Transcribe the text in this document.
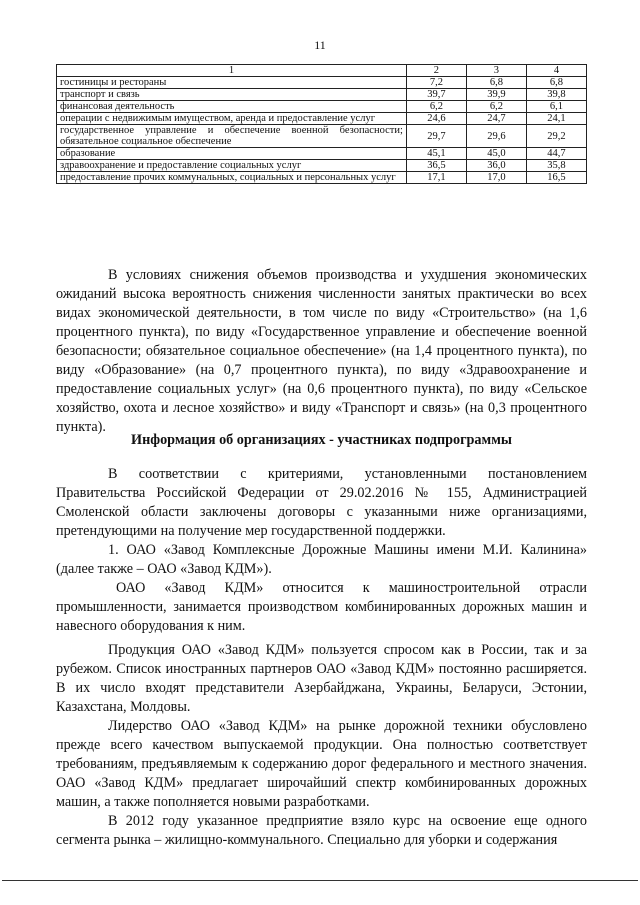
11
1	2	3	4
гостиницы и рестораны	7,2	6,8	6,8
транспорт и связь	39,7	39,9	39,8
финансовая деятельность	6,2	6,2	6,1
операции с недвижимым имуществом, аренда и предоставление услуг	24,6	24,7	24,1
государственное управление и обеспечение военной безопасности; обязательное социальное обеспечение	29,7	29,6	29,2
образование	45,1	45,0	44,7
здравоохранение и предоставление социальных услуг	36,5	36,0	35,8
предоставление прочих коммунальных, социальных и персональных услуг	17,1	17,0	16,5

В условиях снижения объемов производства и ухудшения экономических ожиданий высока вероятность снижения численности занятых практически во всех видах экономической деятельности, в том числе по виду «Строительство» (на 1,6 процентного пункта), по виду «Государственное управление и обеспечение военной безопасности; обязательное социальное обеспечение» (на 1,4 процентного пункта), по виду «Образование» (на 0,7 процентного пункта), по виду «Здравоохранение и предоставление социальных услуг» (на 0,6 процентного пункта), по виду «Сельское хозяйство, охота и лесное хозяйство» и виду «Транспорт и связь» (на 0,3 процентного пункта).

Информация об организациях - участниках подпрограммы

В соответствии с критериями, установленными постановлением Правительства Российской Федерации от 29.02.2016 № 155, Администрацией Смоленской области заключены договоры с указанными ниже организациями, претендующими на получение мер государственной поддержки.

1. ОАО «Завод Комплексные Дорожные Машины имени М.И. Калинина» (далее также – ОАО «Завод КДМ»).

ОАО «Завод КДМ» относится к машиностроительной отрасли промышленности, занимается производством комбинированных дорожных машин и навесного оборудования к ним.

Продукция ОАО «Завод КДМ» пользуется спросом как в России, так и за рубежом. Список иностранных партнеров ОАО «Завод КДМ» постоянно расширяется. В их число входят представители Азербайджана, Украины, Беларуси, Эстонии, Казахстана, Молдовы.

Лидерство ОАО «Завод КДМ» на рынке дорожной техники обусловлено прежде всего качеством выпускаемой продукции. Она полностью соответствует требованиям, предъявляемым к содержанию дорог федерального и местного значения. ОАО «Завод КДМ» предлагает широчайший спектр комбинированных дорожных машин, а также пополняется новыми разработками.

В 2012 году указанное предприятие взяло курс на освоение еще одного сегмента рынка – жилищно-коммунального. Специально для уборки и содержания
